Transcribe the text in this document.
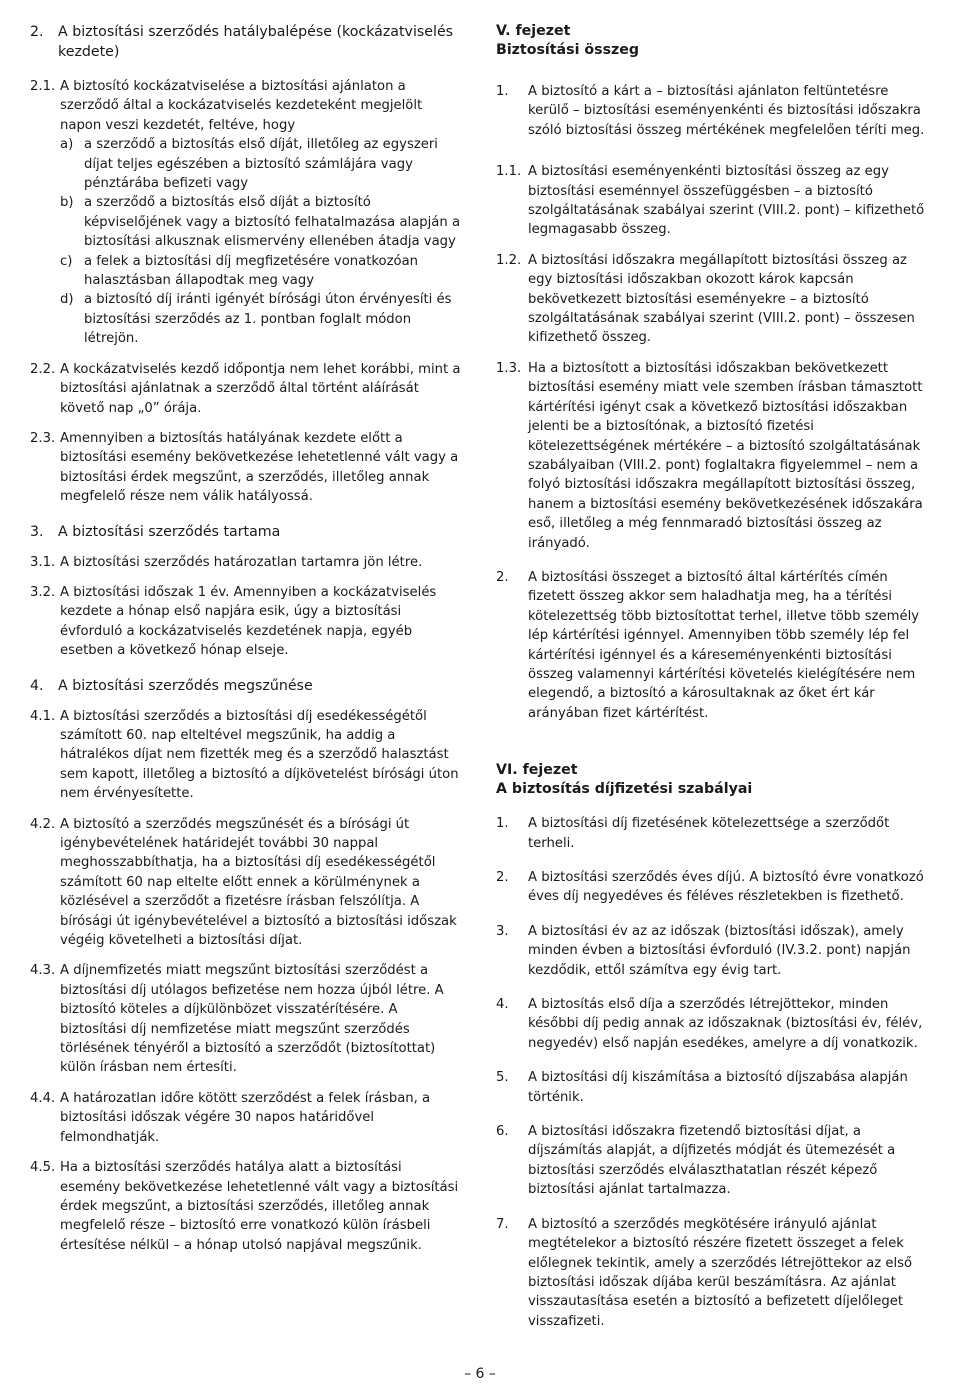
2. A biztosítási szerződés hatálybalépése (kockázatviselés kezdete)
2.1. A biztosító kockázatviselése a biztosítási ajánlaton a szerződő által a kockázatviselés kezdeteként megjelölt napon veszi kezdetét, feltéve, hogy
a) a szerződő a biztosítás első díját, illetőleg az egyszeri díjat teljes egészében a biztosító számlájára vagy pénztárába befizeti vagy
b) a szerződő a biztosítás első díját a biztosító képviselőjének vagy a biztosító felhatalmazása alapján a biztosítási alkusznak elismervény ellenében átadja vagy
c) a felek a biztosítási díj megfizetésére vonatkozóan halasztásban állapodtak meg vagy
d) a biztosító díj iránti igényét bírósági úton érvényesíti és biztosítási szerződés az 1. pontban foglalt módon létrejön.
2.2. A kockázatviselés kezdő időpontja nem lehet korábbi, mint a biztosítási ajánlatnak a szerződő által történt aláírását követő nap „0” órája.
2.3. Amennyiben a biztosítás hatályának kezdete előtt a biztosítási esemény bekövetkezése lehetetlenné vált vagy a biztosítási érdek megszűnt, a szerződés, illetőleg annak megfelelő része nem válik hatályossá.
3. A biztosítási szerződés tartama
3.1. A biztosítási szerződés határozatlan tartamra jön létre.
3.2. A biztosítási időszak 1 év. Amennyiben a kockázatviselés kezdete a hónap első napjára esik, úgy a biztosítási évforduló a kockázatviselés kezdetének napja, egyéb esetben a következő hónap elseje.
4. A biztosítási szerződés megszűnése
4.1. A biztosítási szerződés a biztosítási díj esedékességétől számított 60. nap elteltével megszűnik, ha addig a hátralékos díjat nem fizették meg és a szerződő halasztást sem kapott, illetőleg a biztosító a díjkövetelést bírósági úton nem érvényesítette.
4.2. A biztosító a szerződés megszűnését és a bírósági út igénybevételének határidejét további 30 nappal meghosszabbíthatja, ha a biztosítási díj esedékességétől számított 60 nap eltelte előtt ennek a körülménynek a közlésével a szerződőt a fizetésre írásban felszólítja. A bírósági út igénybevételével a biztosító a biztosítási időszak végéig követelheti a biztosítási díjat.
4.3. A díjnemfizetés miatt megszűnt biztosítási szerződést a biztosítási díj utólagos befizetése nem hozza újból létre. A biztosító köteles a díjkülönbözet visszatérítésére. A biztosítási díj nemfizetése miatt megszűnt szerződés törlésének tényéről a biztosító a szerződőt (biztosítottat) külön írásban nem értesíti.
4.4. A határozatlan időre kötött szerződést a felek írásban, a biztosítási időszak végére 30 napos határidővel felmondhatják.
4.5. Ha a biztosítási szerződés hatálya alatt a biztosítási esemény bekövetkezése lehetetlenné vált vagy a biztosítási érdek megszűnt, a biztosítási szerződés, illetőleg annak megfelelő része – biztosító erre vonatkozó külön írásbeli értesítése nélkül – a hónap utolsó napjával megszűnik.
V. fejezet
Biztosítási összeg
1. A biztosító a kárt a – biztosítási ajánlaton feltüntetésre kerülő – biztosítási eseményenkénti és biztosítási időszakra szóló biztosítási összeg mértékének megfelelően téríti meg.
1.1. A biztosítási eseményenkénti biztosítási összeg az egy biztosítási eseménnyel összefüggésben – a biztosító szolgáltatásának szabályai szerint (VIII.2. pont) – kifizethető legmagasabb összeg.
1.2. A biztosítási időszakra megállapított biztosítási összeg az egy biztosítási időszakban okozott károk kapcsán bekövetkezett biztosítási eseményekre – a biztosító szolgáltatásának szabályai szerint (VIII.2. pont) – összesen kifizethető összeg.
1.3. Ha a biztosított a biztosítási időszakban bekövetkezett biztosítási esemény miatt vele szemben írásban támasztott kártérítési igényt csak a következő biztosítási időszakban jelenti be a biztosítónak, a biztosító fizetési kötelezettségének mértékére – a biztosító szolgáltatásának szabályaiban (VIII.2. pont) foglaltakra figyelemmel – nem a folyó biztosítási időszakra megállapított biztosítási összeg, hanem a biztosítási esemény bekövetkezésének időszakára eső, illetőleg a még fennmaradó biztosítási összeg az irányadó.
2. A biztosítási összeget a biztosító által kártérítés címén fizetett összeg akkor sem haladhatja meg, ha a térítési kötelezettség több biztosítottat terhel, illetve több személy lép kártérítési igénnyel. Amennyiben több személy lép fel kártérítési igénnyel és a káreseményenkénti biztosítási összeg valamennyi kártérítési követelés kielégítésére nem elegendő, a biztosító a károsultaknak az őket ért kár arányában fizet kártérítést.
VI. fejezet
A biztosítás díjfizetési szabályai
1. A biztosítási díj fizetésének kötelezettsége a szerződőt terheli.
2. A biztosítási szerződés éves díjú. A biztosító évre vonatkozó éves díj negyedéves és féléves részletekben is fizethető.
3. A biztosítási év az az időszak (biztosítási időszak), amely minden évben a biztosítási évforduló (IV.3.2. pont) napján kezdődik, ettől számítva egy évig tart.
4. A biztosítás első díja a szerződés létrejöttekor, minden későbbi díj pedig annak az időszaknak (biztosítási év, félév, negyedév) első napján esedékes, amelyre a díj vonatkozik.
5. A biztosítási díj kiszámítása a biztosító díjszabása alapján történik.
6. A biztosítási időszakra fizetendő biztosítási díjat, a díjszámítás alapját, a díjfizetés módját és ütemezését a biztosítási szerződés elválaszthatatlan részét képező biztosítási ajánlat tartalmazza.
7. A biztosító a szerződés megkötésére irányuló ajánlat megtételekor a biztosító részére fizetett összeget a felek előlegnek tekintik, amely a szerződés létrejöttekor az első biztosítási időszak díjába kerül beszámításra. Az ajánlat visszautasítása esetén a biztosító a befizetett díjelőleget visszafizeti.
– 6 –
